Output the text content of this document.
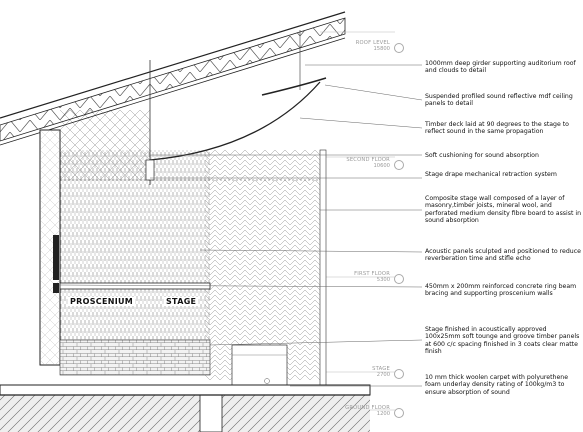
PROSCENIUM	STAGE
ROOF LEVEL
15800
SECOND FLOOR
10600
FIRST FLOOR
5300
STAGE
2700
GROUND FLOOR
1200
1000mm deep girder supporting auditorium roof and clouds to detail
Suspended profiled sound reflective mdf ceiling panels to detail
Timber deck laid at 90 degrees to the stage to reflect sound in the same propagation
Soft cushioning for sound absorption
Stage drape mechanical retraction system
Composite stage wall composed of a layer of masonry,timber joists, mineral wool, and perforated medium density fibre board to assist in sound absorption
Acoustic panels sculpted and positioned to reduce reverberation time and stifle echo
450mm x 200mm reinforced concrete ring beam bracing and supporting proscenium walls
Stage finished in acoustically approved 100x25mm soft tounge and groove timber panels at 600 c/c spacing finished in 3 coats clear matte finish
10 mm thick woolen carpet with polyurethene foam underlay density rating of 100kg/m3 to ensure absorption of sound
